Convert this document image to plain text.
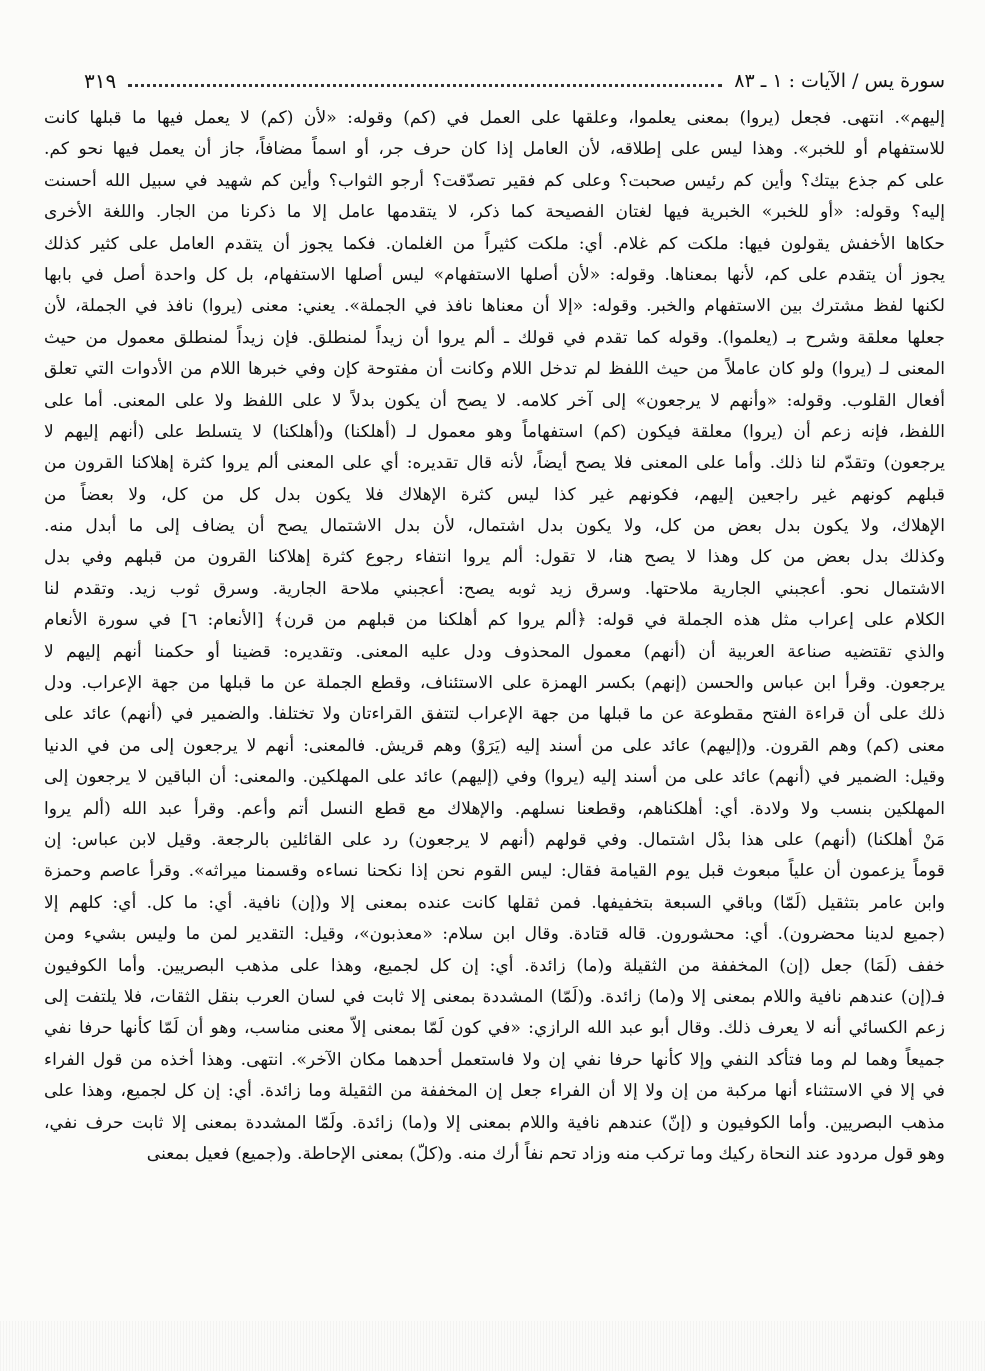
سورة يس / الآيات : ١ ـ ٨٣
٣١٩
إليهم». انتهى. فجعل (يروا) بمعنى يعلموا، وعلقها على العمل في (كم) وقوله: «لأن (كم) لا يعمل فيها ما قبلها كانت
للاستفهام أو للخبر». وهذا ليس على إطلاقه، لأن العامل إذا كان حرف جر، أو اسماً مضافاً، جاز أن يعمل فيها نحو كم.
على كم جذع بيتك؟ وأين كم رئيس صحبت؟ وعلى كم فقير تصدّقت؟ أرجو الثواب؟ وأين كم شهيد في سبيل الله أحسنت
إليه؟ وقوله: «أو للخبر» الخبرية فيها لغتان الفصيحة كما ذكر، لا يتقدمها عامل إلا ما ذكرنا من الجار. واللغة الأخرى
حكاها الأخفش يقولون فيها: ملكت كم غلام. أي: ملكت كثيراً من الغلمان. فكما يجوز أن يتقدم العامل على كثير كذلك
يجوز أن يتقدم على كم، لأنها بمعناها. وقوله: «لأن أصلها الاستفهام» ليس أصلها الاستفهام، بل كل واحدة أصل في بابها
لكنها لفظ مشترك بين الاستفهام والخبر. وقوله: «إلا أن معناها نافذ في الجملة». يعني: معنى (يروا) نافذ في الجملة، لأن
جعلها معلقة وشرح بـ (يعلموا). وقوله كما تقدم في قولك ـ ألم يروا أن زيداً لمنطلق. فإن زيداً لمنطلق معمول من حيث
المعنى لـ (يروا) ولو كان عاملاً من حيث اللفظ لم تدخل اللام وكانت أن مفتوحة كإن وفي خبرها اللام من الأدوات التي تعلق
أفعال القلوب. وقوله: «وأنهم لا يرجعون» إلى آخر كلامه. لا يصح أن يكون بدلاً لا على اللفظ ولا على المعنى. أما على
اللفظ، فإنه زعم أن (يروا) معلقة فيكون (كم) استفهاماً وهو معمول لـ (أهلكنا) و(أهلكنا) لا يتسلط على (أنهم إليهم لا
يرجعون) وتقدّم لنا ذلك. وأما على المعنى فلا يصح أيضاً، لأنه قال تقديره: أي على المعنى ألم يروا كثرة إهلاكنا القرون من
قبلهم كونهم غير راجعين إليهم، فكونهم غير كذا ليس كثرة الإهلاك فلا يكون بدل كل من كل، ولا بعضاً من
الإهلاك، ولا يكون بدل بعض من كل، ولا يكون بدل اشتمال، لأن بدل الاشتمال يصح أن يضاف إلى ما أبدل منه.
وكذلك بدل بعض من كل وهذا لا يصح هنا، لا تقول: ألم يروا انتفاء رجوع كثرة إهلاكنا القرون من قبلهم وفي بدل
الاشتمال نحو. أعجبني الجارية ملاحتها. وسرق زيد ثوبه يصح: أعجبني ملاحة الجارية. وسرق ثوب زيد. وتقدم لنا
الكلام على إعراب مثل هذه الجملة في قوله: ﴿ألم يروا كم أهلكنا من قبلهم من قرن﴾ [الأنعام: ٦] في سورة الأنعام
والذي تقتضيه صناعة العربية أن (أنهم) معمول المحذوف ودل عليه المعنى. وتقديره: قضينا أو حكمنا أنهم إليهم لا
يرجعون. وقرأ ابن عباس والحسن (إنهم) بكسر الهمزة على الاستئناف، وقطع الجملة عن ما قبلها من جهة الإعراب. ودل
ذلك على أن قراءة الفتح مقطوعة عن ما قبلها من جهة الإعراب لتتفق القراءتان ولا تختلفا. والضمير في (أنهم) عائد على
معنى (كم) وهم القرون. و(إليهم) عائد على من أسند إليه (يَرَوْ) وهم قريش. فالمعنى: أنهم لا يرجعون إلى من في الدنيا
وقيل: الضمير في (أنهم) عائد على من أسند إليه (يروا) وفي (إليهم) عائد على المهلكين. والمعنى: أن الباقين لا يرجعون إلى
المهلكين بنسب ولا ولادة. أي: أهلكناهم، وقطعنا نسلهم. والإهلاك مع قطع النسل أتم وأعم. وقرأ عبد الله (ألم يروا
مَنْ أهلكنا) (أنهم) على هذا بدْل اشتمال. وفي قولهم (أنهم لا يرجعون) رد على القائلين بالرجعة. وقيل لابن عباس: إن
قوماً يزعمون أن علياً مبعوث قبل يوم القيامة فقال: ليس القوم نحن إذا نكحنا نساءه وقسمنا ميراثه». وقرأ عاصم وحمزة
وابن عامر بتثقيل (لَمّا) وباقي السبعة بتخفيفها. فمن ثقلها كانت عنده بمعنى إلا و(إن) نافية. أي: ما كل. أي: كلهم إلا
(جميع لدينا محضرون). أي: محشورون. قاله قتادة. وقال ابن سلام: «معذبون»، وقيل: التقدير لمن ما وليس بشيء ومن
خفف (لَمَا) جعل (إن) المخففة من الثقيلة و(ما) زائدة. أي: إن كل لجميع، وهذا على مذهب البصريين. وأما الكوفيون
فـ(إن) عندهم نافية واللام بمعنى إلا و(ما) زائدة. و(لَمّا) المشددة بمعنى إلا ثابت في لسان العرب بنقل الثقات، فلا يلتفت إلى
زعم الكسائي أنه لا يعرف ذلك. وقال أبو عبد الله الرازي: «في كون لَمّا بمعنى إلاّ معنى مناسب، وهو أن لَمّا كأنها حرفا نفي
جميعاً وهما لم وما فتأكد النفي وإلا كأنها حرفا نفي إن ولا فاستعمل أحدهما مكان الآخر». انتهى. وهذا أخذه من قول الفراء
في إلا في الاستثناء أنها مركبة من إن ولا إلا أن الفراء جعل إن المخففة من الثقيلة وما زائدة. أي: إن كل لجميع، وهذا على
مذهب البصريين. وأما الكوفيون و (إنّ) عندهم نافية واللام بمعنى إلا و(ما) زائدة. ولَمّا المشددة بمعنى إلا ثابت حرف نفي،
وهو قول مردود عند النحاة ركيك وما تركب منه وزاد تحم نفاً أرك منه. و(كلّ) بمعنى الإحاطة. و(جميع) فعيل بمعنى
